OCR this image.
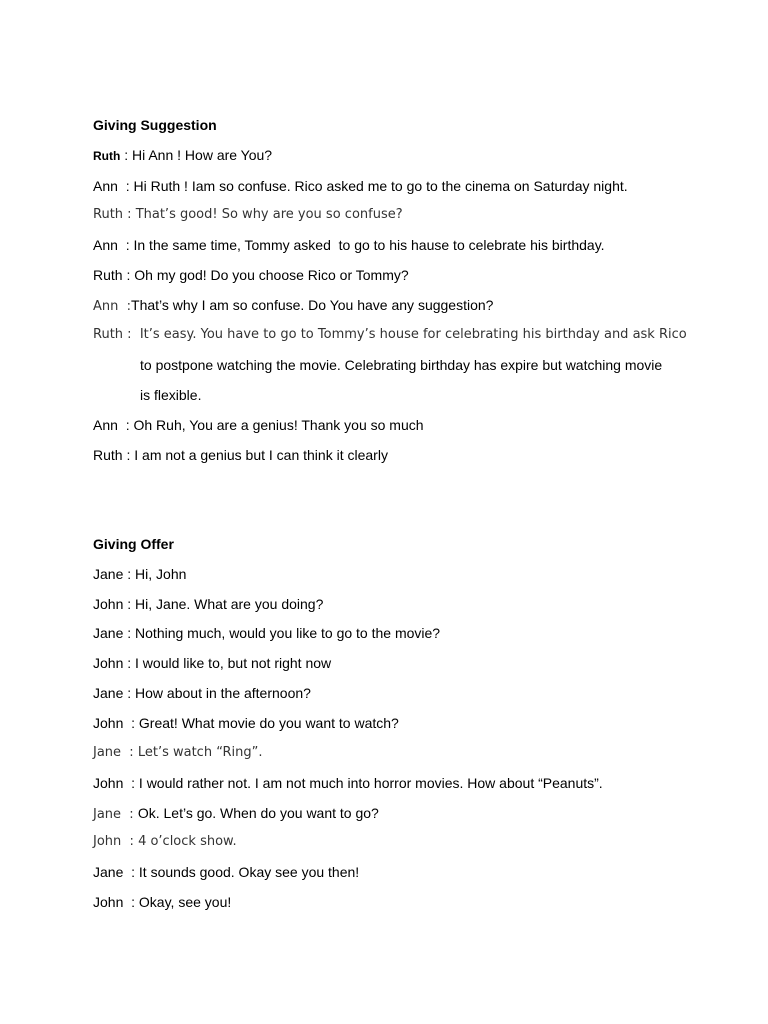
Giving Suggestion
Ruth : Hi Ann ! How are You?
Ann  : Hi Ruth ! Iam so confuse. Rico asked me to go to the cinema on Saturday night.
Ruth : That’s good! So why are you so confuse?
Ann  : In the same time, Tommy asked  to go to his hause to celebrate his birthday.
Ruth : Oh my god! Do you choose Rico or Tommy?
Ann  :That’s why I am so confuse. Do You have any suggestion?
Ruth :  It’s easy. You have to go to Tommy’s house for celebrating his birthday and ask Rico
to postpone watching the movie. Celebrating birthday has expire but watching movie
is flexible.
Ann  : Oh Ruh, You are a genius! Thank you so much
Ruth : I am not a genius but I can think it clearly
Giving Offer
Jane : Hi, John
John : Hi, Jane. What are you doing?
Jane : Nothing much, would you like to go to the movie?
John : I would like to, but not right now
Jane : How about in the afternoon?
John  : Great! What movie do you want to watch?
Jane  : Let’s watch “Ring”.
John  : I would rather not. I am not much into horror movies. How about “Peanuts”.
Jane  : Ok. Let’s go. When do you want to go?
John  : 4 o’clock show.
Jane  : It sounds good. Okay see you then!
John  : Okay, see you!
